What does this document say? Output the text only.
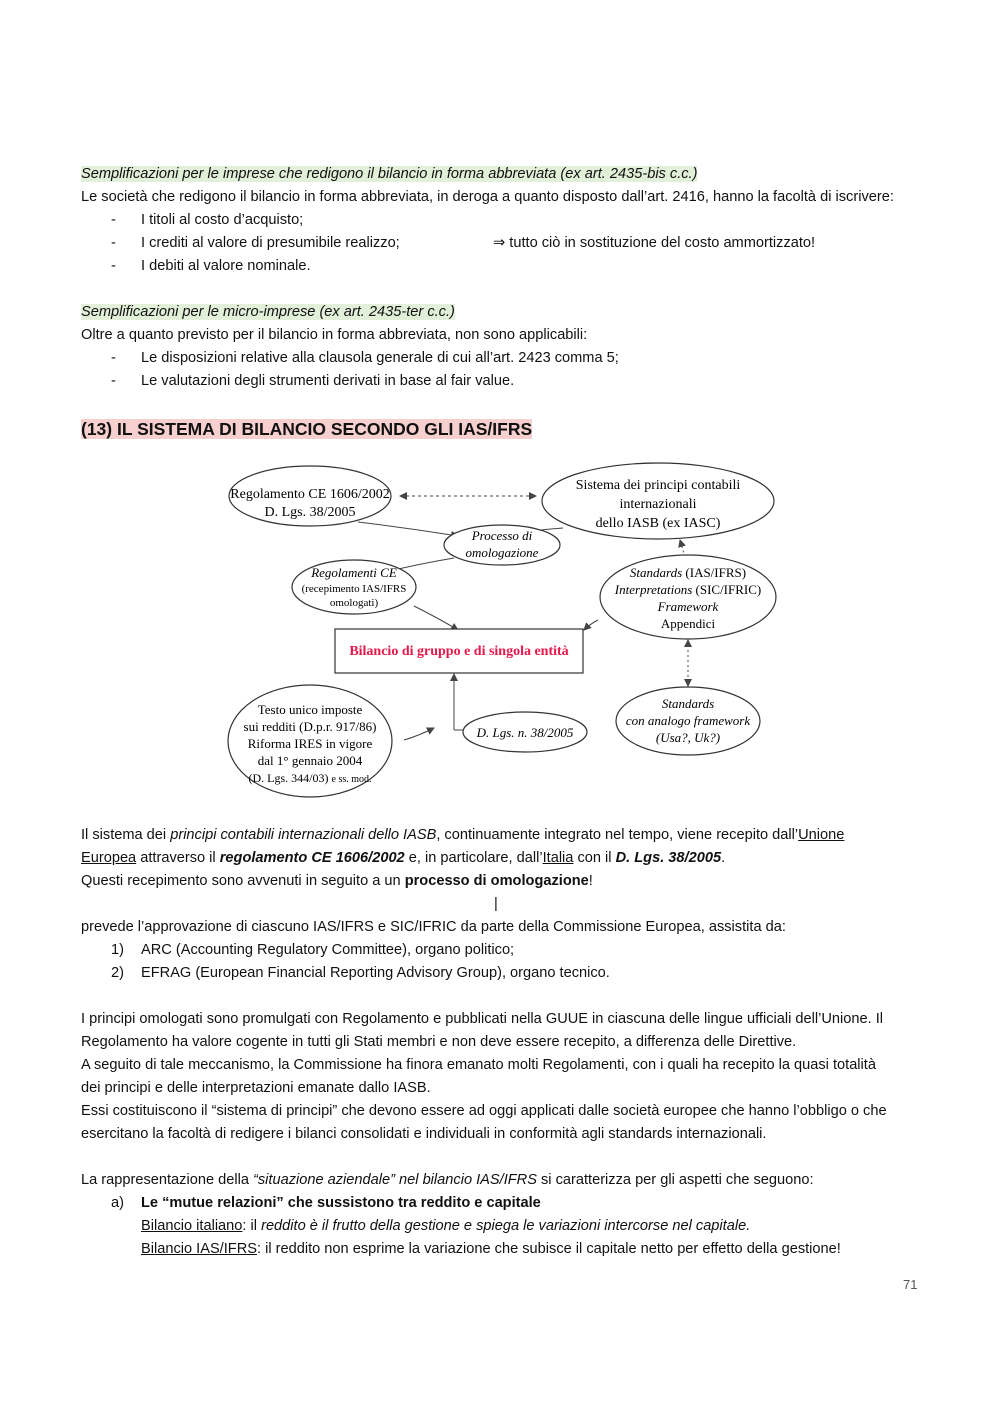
Semplificazioni per le imprese che redigono il bilancio in forma abbreviata (ex art. 2435-bis c.c.)
Le società che redigono il bilancio in forma abbreviata, in deroga a quanto disposto dall’art. 2416, hanno la facoltà di iscrivere:
- I titoli al costo d’acquisto;
- I crediti al valore di presumibile realizzo;	⇒ tutto ciò in sostituzione del costo ammortizzato!
- I debiti al valore nominale.
Semplificazioni per le micro-imprese (ex art. 2435-ter c.c.)
Oltre a quanto previsto per il bilancio in forma abbreviata, non sono applicabili:
- Le disposizioni relative alla clausola generale di cui all’art. 2423 comma 5;
- Le valutazioni degli strumenti derivati in base al fair value.
(13) IL SISTEMA DI BILANCIO SECONDO GLI IAS/IFRS
Regolamento CE 1606/2002
D. Lgs. 38/2005
Sistema dei principi contabili
internazionali
dello IASB (ex IASC)
Processo di
omologazione
Regolamenti CE
(recepimento IAS/IFRS
omologati)
Standards (IAS/IFRS)
Interpretations (SIC/IFRIC)
Framework
Appendici
Bilancio di gruppo e di singola entità
Testo unico imposte
sui redditi (D.p.r. 917/86)
Riforma IRES in vigore
dal 1° gennaio 2004
(D. Lgs. 344/03) e ss. mod.
D. Lgs. n. 38/2005
Standards
con analogo framework
(Usa?, Uk?)
Il sistema dei principi contabili internazionali dello IASB, continuamente integrato nel tempo, viene recepito dall’Unione
Europea attraverso il regolamento CE 1606/2002 e, in particolare, dall’Italia con il D. Lgs. 38/2005.
Questi recepimento sono avvenuti in seguito a un processo di omologazione!
|
prevede l’approvazione di ciascuno IAS/IFRS e SIC/IFRIC da parte della Commissione Europea, assistita da:
1) ARC (Accounting Regulatory Committee), organo politico;
2) EFRAG (European Financial Reporting Advisory Group), organo tecnico.
I principi omologati sono promulgati con Regolamento e pubblicati nella GUUE in ciascuna delle lingue ufficiali dell’Unione. Il
Regolamento ha valore cogente in tutti gli Stati membri e non deve essere recepito, a differenza delle Direttive.
A seguito di tale meccanismo, la Commissione ha finora emanato molti Regolamenti, con i quali ha recepito la quasi totalità
dei principi e delle interpretazioni emanate dallo IASB.
Essi costituiscono il “sistema di principi” che devono essere ad oggi applicati dalle società europee che hanno l’obbligo o che
esercitano la facoltà di redigere i bilanci consolidati e individuali in conformità agli standards internazionali.
La rappresentazione della “situazione aziendale” nel bilancio IAS/IFRS si caratterizza per gli aspetti che seguono:
a) Le “mutue relazioni” che sussistono tra reddito e capitale
Bilancio italiano: il reddito è il frutto della gestione e spiega le variazioni intercorse nel capitale.
Bilancio IAS/IFRS: il reddito non esprime la variazione che subisce il capitale netto per effetto della gestione!
71
